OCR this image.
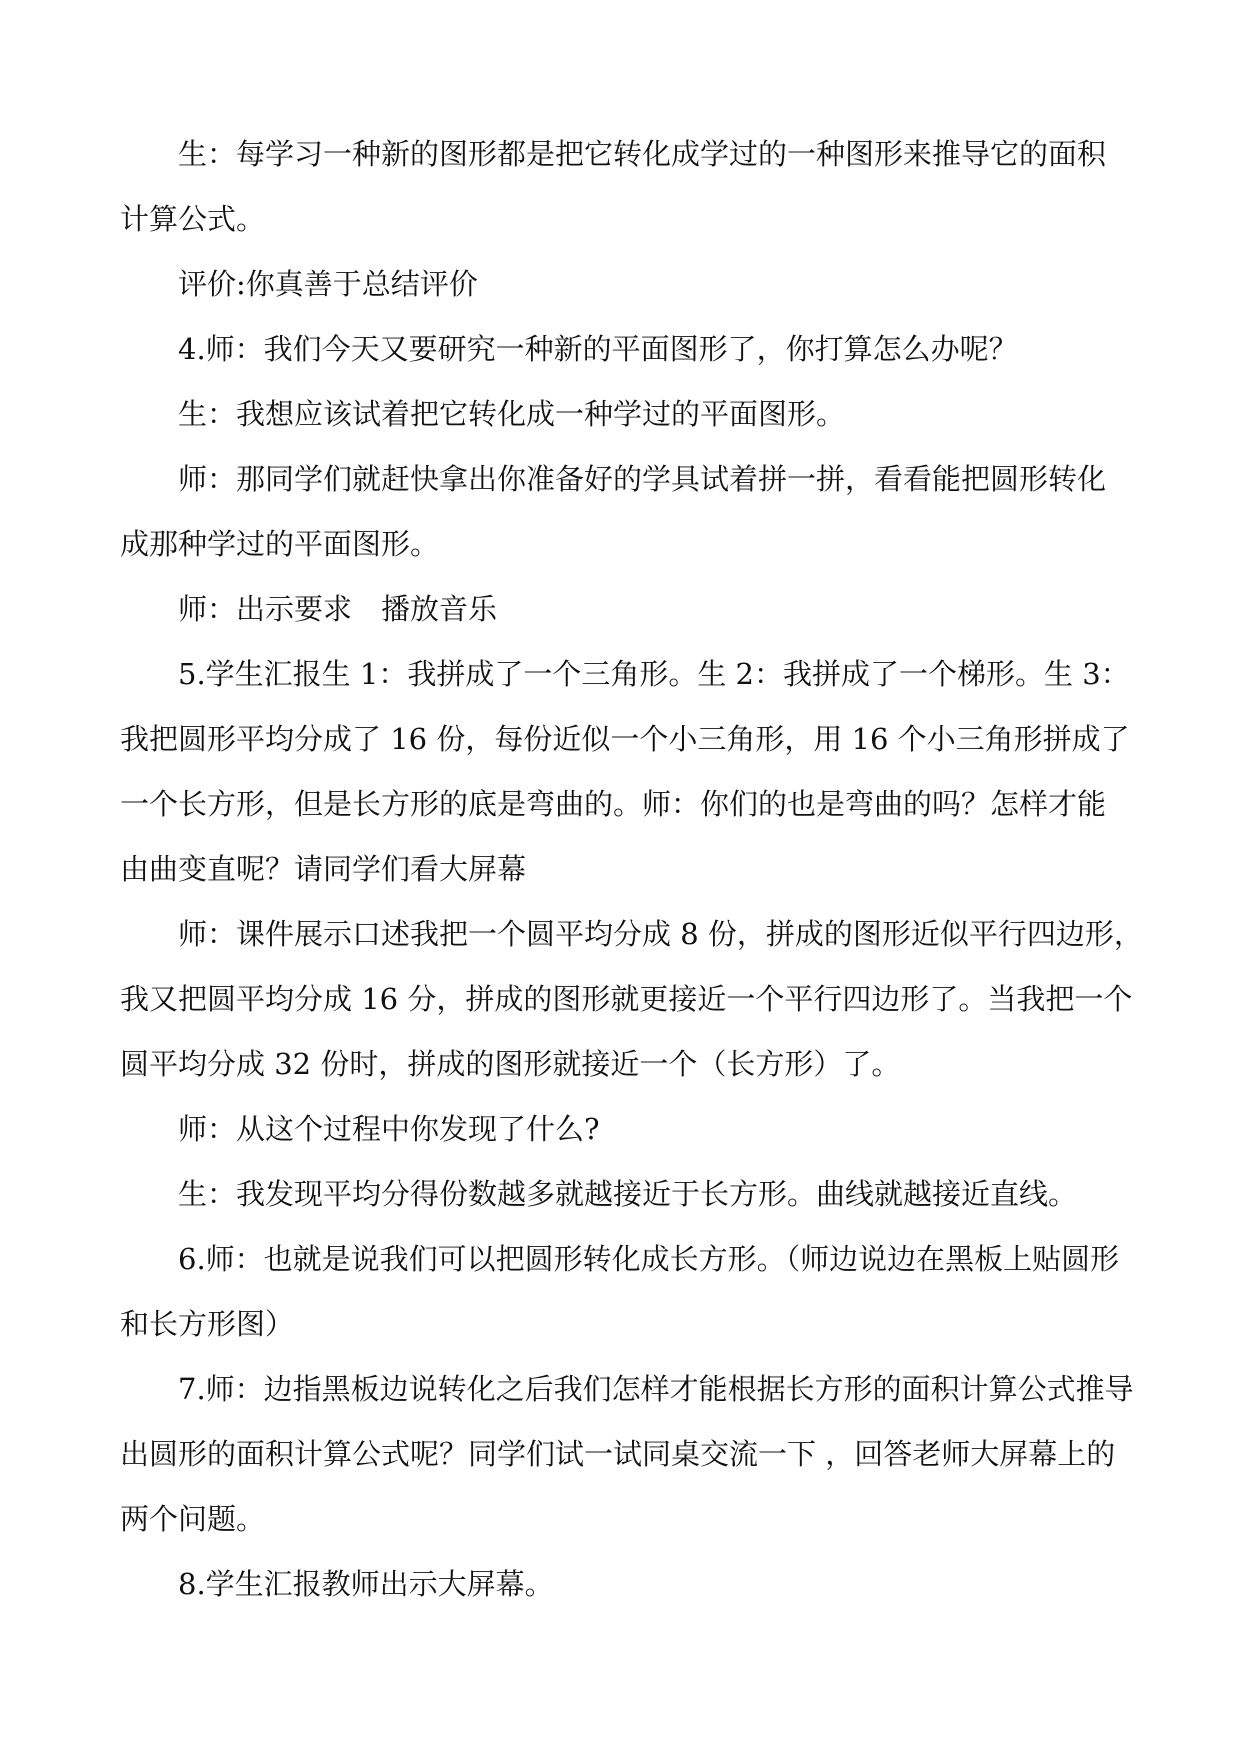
生：每学习一种新的图形都是把它转化成学过的一种图形来推导它的面积

计算公式。

评价:你真善于总结评价

4.师：我们今天又要研究一种新的平面图形了，你打算怎么办呢？

生：我想应该试着把它转化成一种学过的平面图形。

师：那同学们就赶快拿出你准备好的学具试着拼一拼，看看能把圆形转化

成那种学过的平面图形。

师：出示要求　播放音乐

5.学生汇报生 1：我拼成了一个三角形。生 2：我拼成了一个梯形。生 3：

我把圆形平均分成了 16 份，每份近似一个小三角形，用 16 个小三角形拼成了

一个长方形，但是长方形的底是弯曲的。师：你们的也是弯曲的吗？怎样才能

由曲变直呢？请同学们看大屏幕

师：课件展示口述我把一个圆平均分成 8 份，拼成的图形近似平行四边形，

我又把圆平均分成 16 分，拼成的图形就更接近一个平行四边形了。当我把一个

圆平均分成 32 份时，拼成的图形就接近一个（长方形）了。

师：从这个过程中你发现了什么?

生：我发现平均分得份数越多就越接近于长方形。曲线就越接近直线。

6.师：也就是说我们可以把圆形转化成长方形。（师边说边在黑板上贴圆形

和长方形图）

7.师：边指黑板边说转化之后我们怎样才能根据长方形的面积计算公式推导

出圆形的面积计算公式呢？同学们试一试同桌交流一下 ，回答老师大屏幕上的

两个问题。

8.学生汇报教师出示大屏幕。
